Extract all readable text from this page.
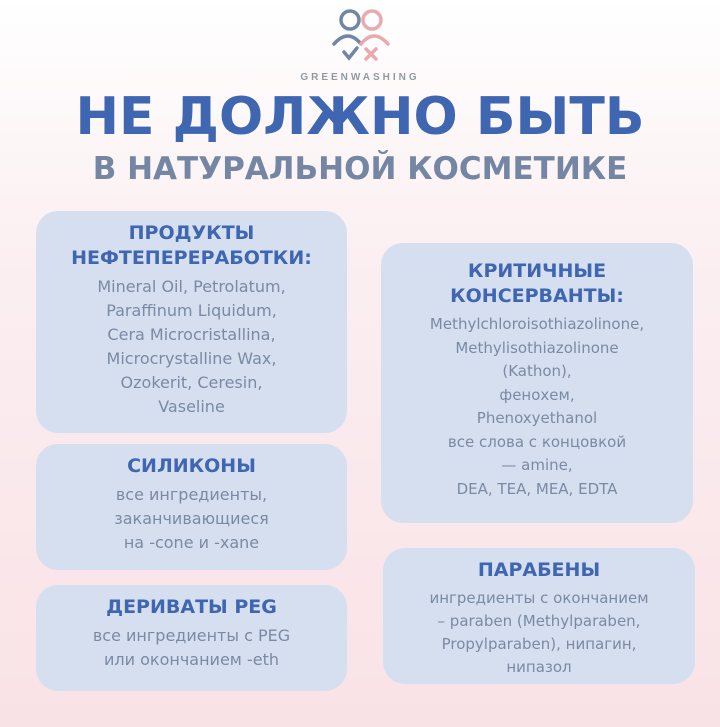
GREENWASHING
НЕ ДОЛЖНО БЫТЬ
В НАТУРАЛЬНОЙ КОСМЕТИКЕ
ПРОДУКТЫ
НЕФТЕПЕРЕРАБОТКИ:
Mineral Oil, Petrolatum,
Paraffinum Liquidum,
Cera Microcristallina,
Microcrystalline Wax,
Ozokerit, Ceresin,
Vaseline
СИЛИКОНЫ
все ингредиенты,
заканчивающиеся
на -cone и -xane
ДЕРИВАТЫ PEG
все ингредиенты с PEG
или окончанием -eth
КРИТИЧНЫЕ
КОНСЕРВАНТЫ:
Methylchloroisothiazolinone,
Methylisothiazolinone
(Kathon),
фенохем,
Phenoxyethanol
все слова с концовкой
— amine,
DEA, TEA, MEA, EDTA
ПАРАБЕНЫ
ингредиенты с окончанием
– paraben (Methylparaben,
Propylparaben), нипагин,
нипазол
